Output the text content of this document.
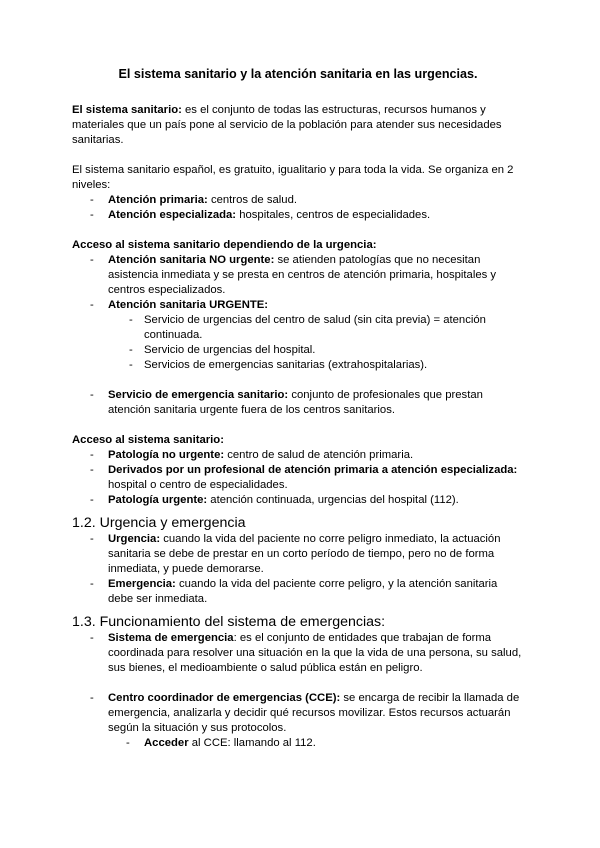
El sistema sanitario y la atención sanitaria en las urgencias.

El sistema sanitario: es el conjunto de todas las estructuras, recursos humanos y materiales que un país pone al servicio de la población para atender sus necesidades sanitarias.

El sistema sanitario español, es gratuito, igualitario y para toda la vida. Se organiza en 2 niveles:

- Atención primaria: centros de salud.
- Atención especializada: hospitales, centros de especialidades.

Acceso al sistema sanitario dependiendo de la urgencia:

- Atención sanitaria NO urgente: se atienden patologías que no necesitan asistencia inmediata y se presta en centros de atención primaria, hospitales y centros especializados.
- Atención sanitaria URGENTE:
- Servicio de urgencias del centro de salud (sin cita previa) = atención continuada.
- Servicio de urgencias del hospital.
- Servicios de emergencias sanitarias (extrahospitalarias).
- Servicio de emergencia sanitario: conjunto de profesionales que prestan atención sanitaria urgente fuera de los centros sanitarios.

Acceso al sistema sanitario:

- Patología no urgente: centro de salud de atención primaria.
- Derivados por un profesional de atención primaria a atención especializada: hospital o centro de especialidades.
- Patología urgente: atención continuada, urgencias del hospital (112).

1.2. Urgencia y emergencia

- Urgencia: cuando la vida del paciente no corre peligro inmediato, la actuación sanitaria se debe de prestar en un corto período de tiempo, pero no de forma inmediata, y puede demorarse.
- Emergencia: cuando la vida del paciente corre peligro, y la atención sanitaria debe ser inmediata.

1.3. Funcionamiento del sistema de emergencias:

- Sistema de emergencia: es el conjunto de entidades que trabajan de forma coordinada para resolver una situación en la que la vida de una persona, su salud, sus bienes, el medioambiente o salud pública están en peligro.
- Centro coordinador de emergencias (CCE): se encarga de recibir la llamada de emergencia, analizarla y decidir qué recursos movilizar. Estos recursos actuarán según la situación y sus protocolos.
- Acceder al CCE: llamando al 112.
